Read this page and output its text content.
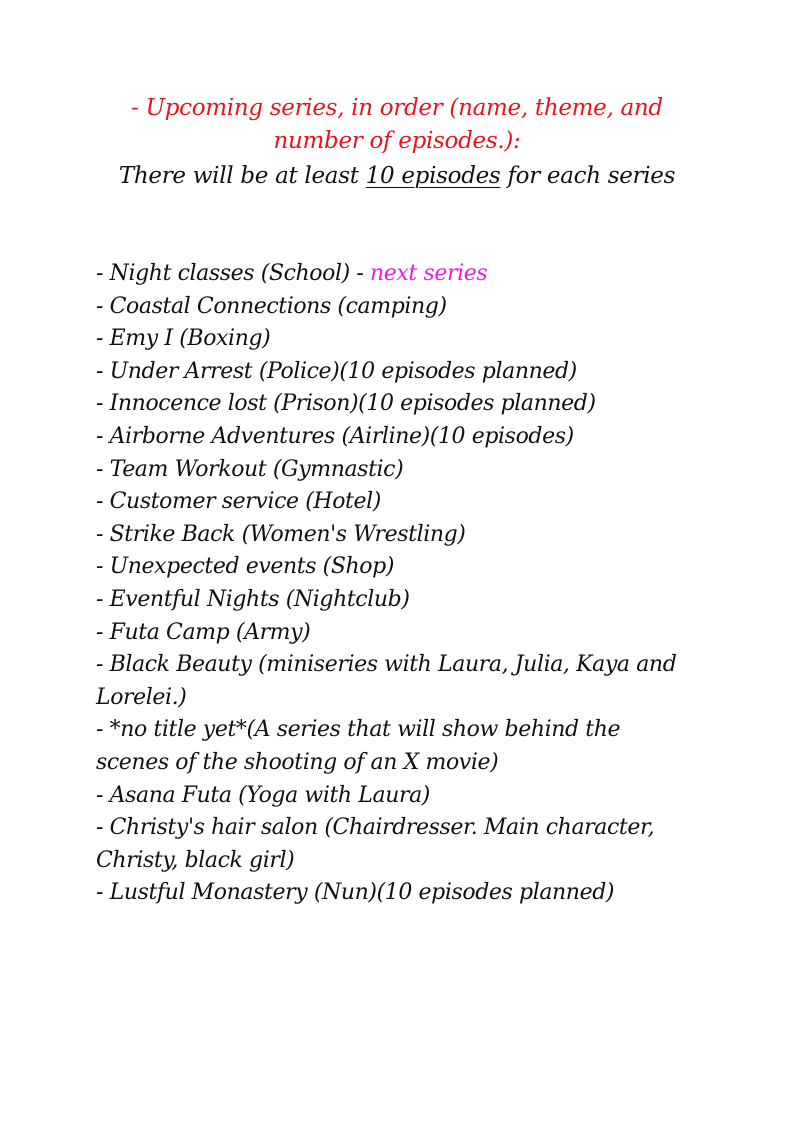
- Upcoming series, in order (name, theme, and number of episodes.):
There will be at least 10 episodes for each series
- Night classes (School) - next series
- Coastal Connections (camping)
- Emy I (Boxing)
- Under Arrest (Police)(10 episodes planned)
- Innocence lost (Prison)(10 episodes planned)
- Airborne Adventures (Airline)(10 episodes)
- Team Workout (Gymnastic)
- Customer service (Hotel)
- Strike Back (Women's Wrestling)
- Unexpected events (Shop)
- Eventful Nights (Nightclub)
- Futa Camp (Army)
- Black Beauty (miniseries with Laura, Julia, Kaya and Lorelei.)
- *no title yet*(A series that will show behind the scenes of the shooting of an X movie)
- Asana Futa (Yoga with Laura)
- Christy's hair salon (Chairdresser. Main character, Christy, black girl)
- Lustful Monastery (Nun)(10 episodes planned)
